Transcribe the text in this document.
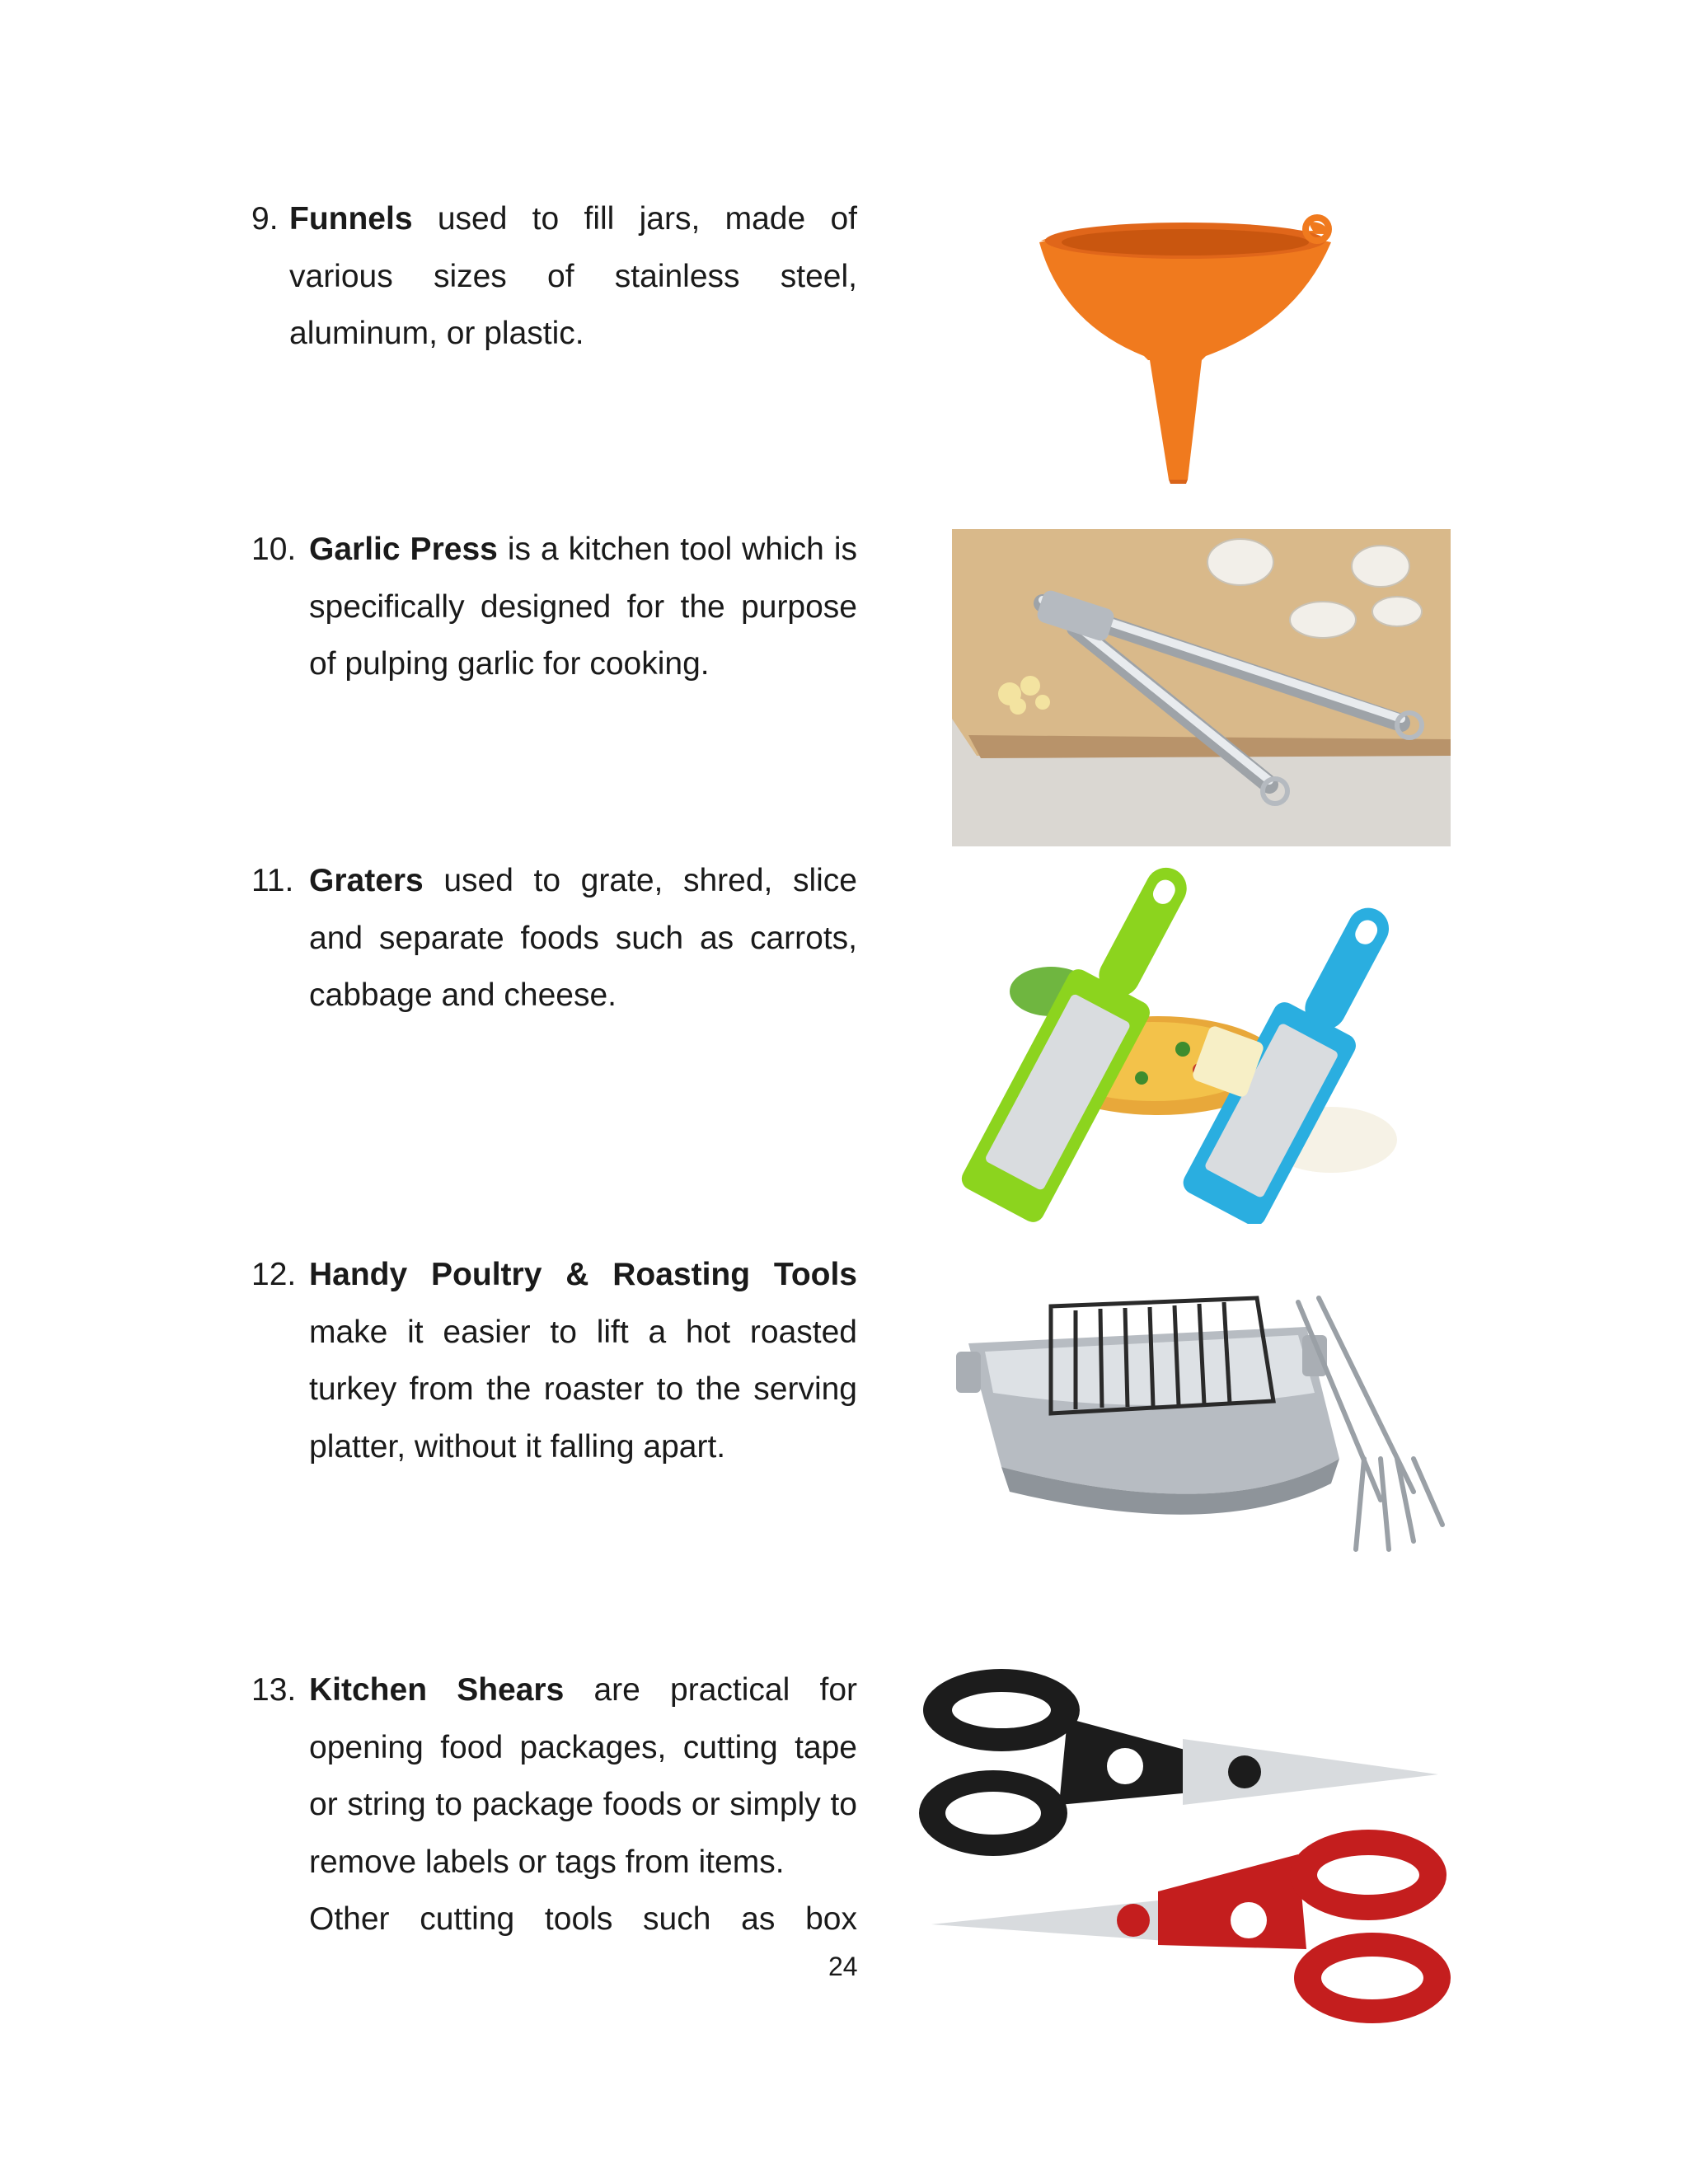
9. Funnels used to fill jars, made of various sizes of stainless steel, aluminum, or plastic.
10. Garlic Press is a kitchen tool which is specifically designed for the purpose of pulping garlic for cooking.
11. Graters used to grate, shred, slice and separate foods such as carrots, cabbage and cheese.
12. Handy Poultry & Roasting Tools make it easier to lift a hot roasted turkey from the roaster to the serving platter, without it falling apart.
13. Kitchen Shears are practical for opening food packages, cutting tape or string to package foods or simply to remove labels or tags from items.
Other cutting tools such as box
24
